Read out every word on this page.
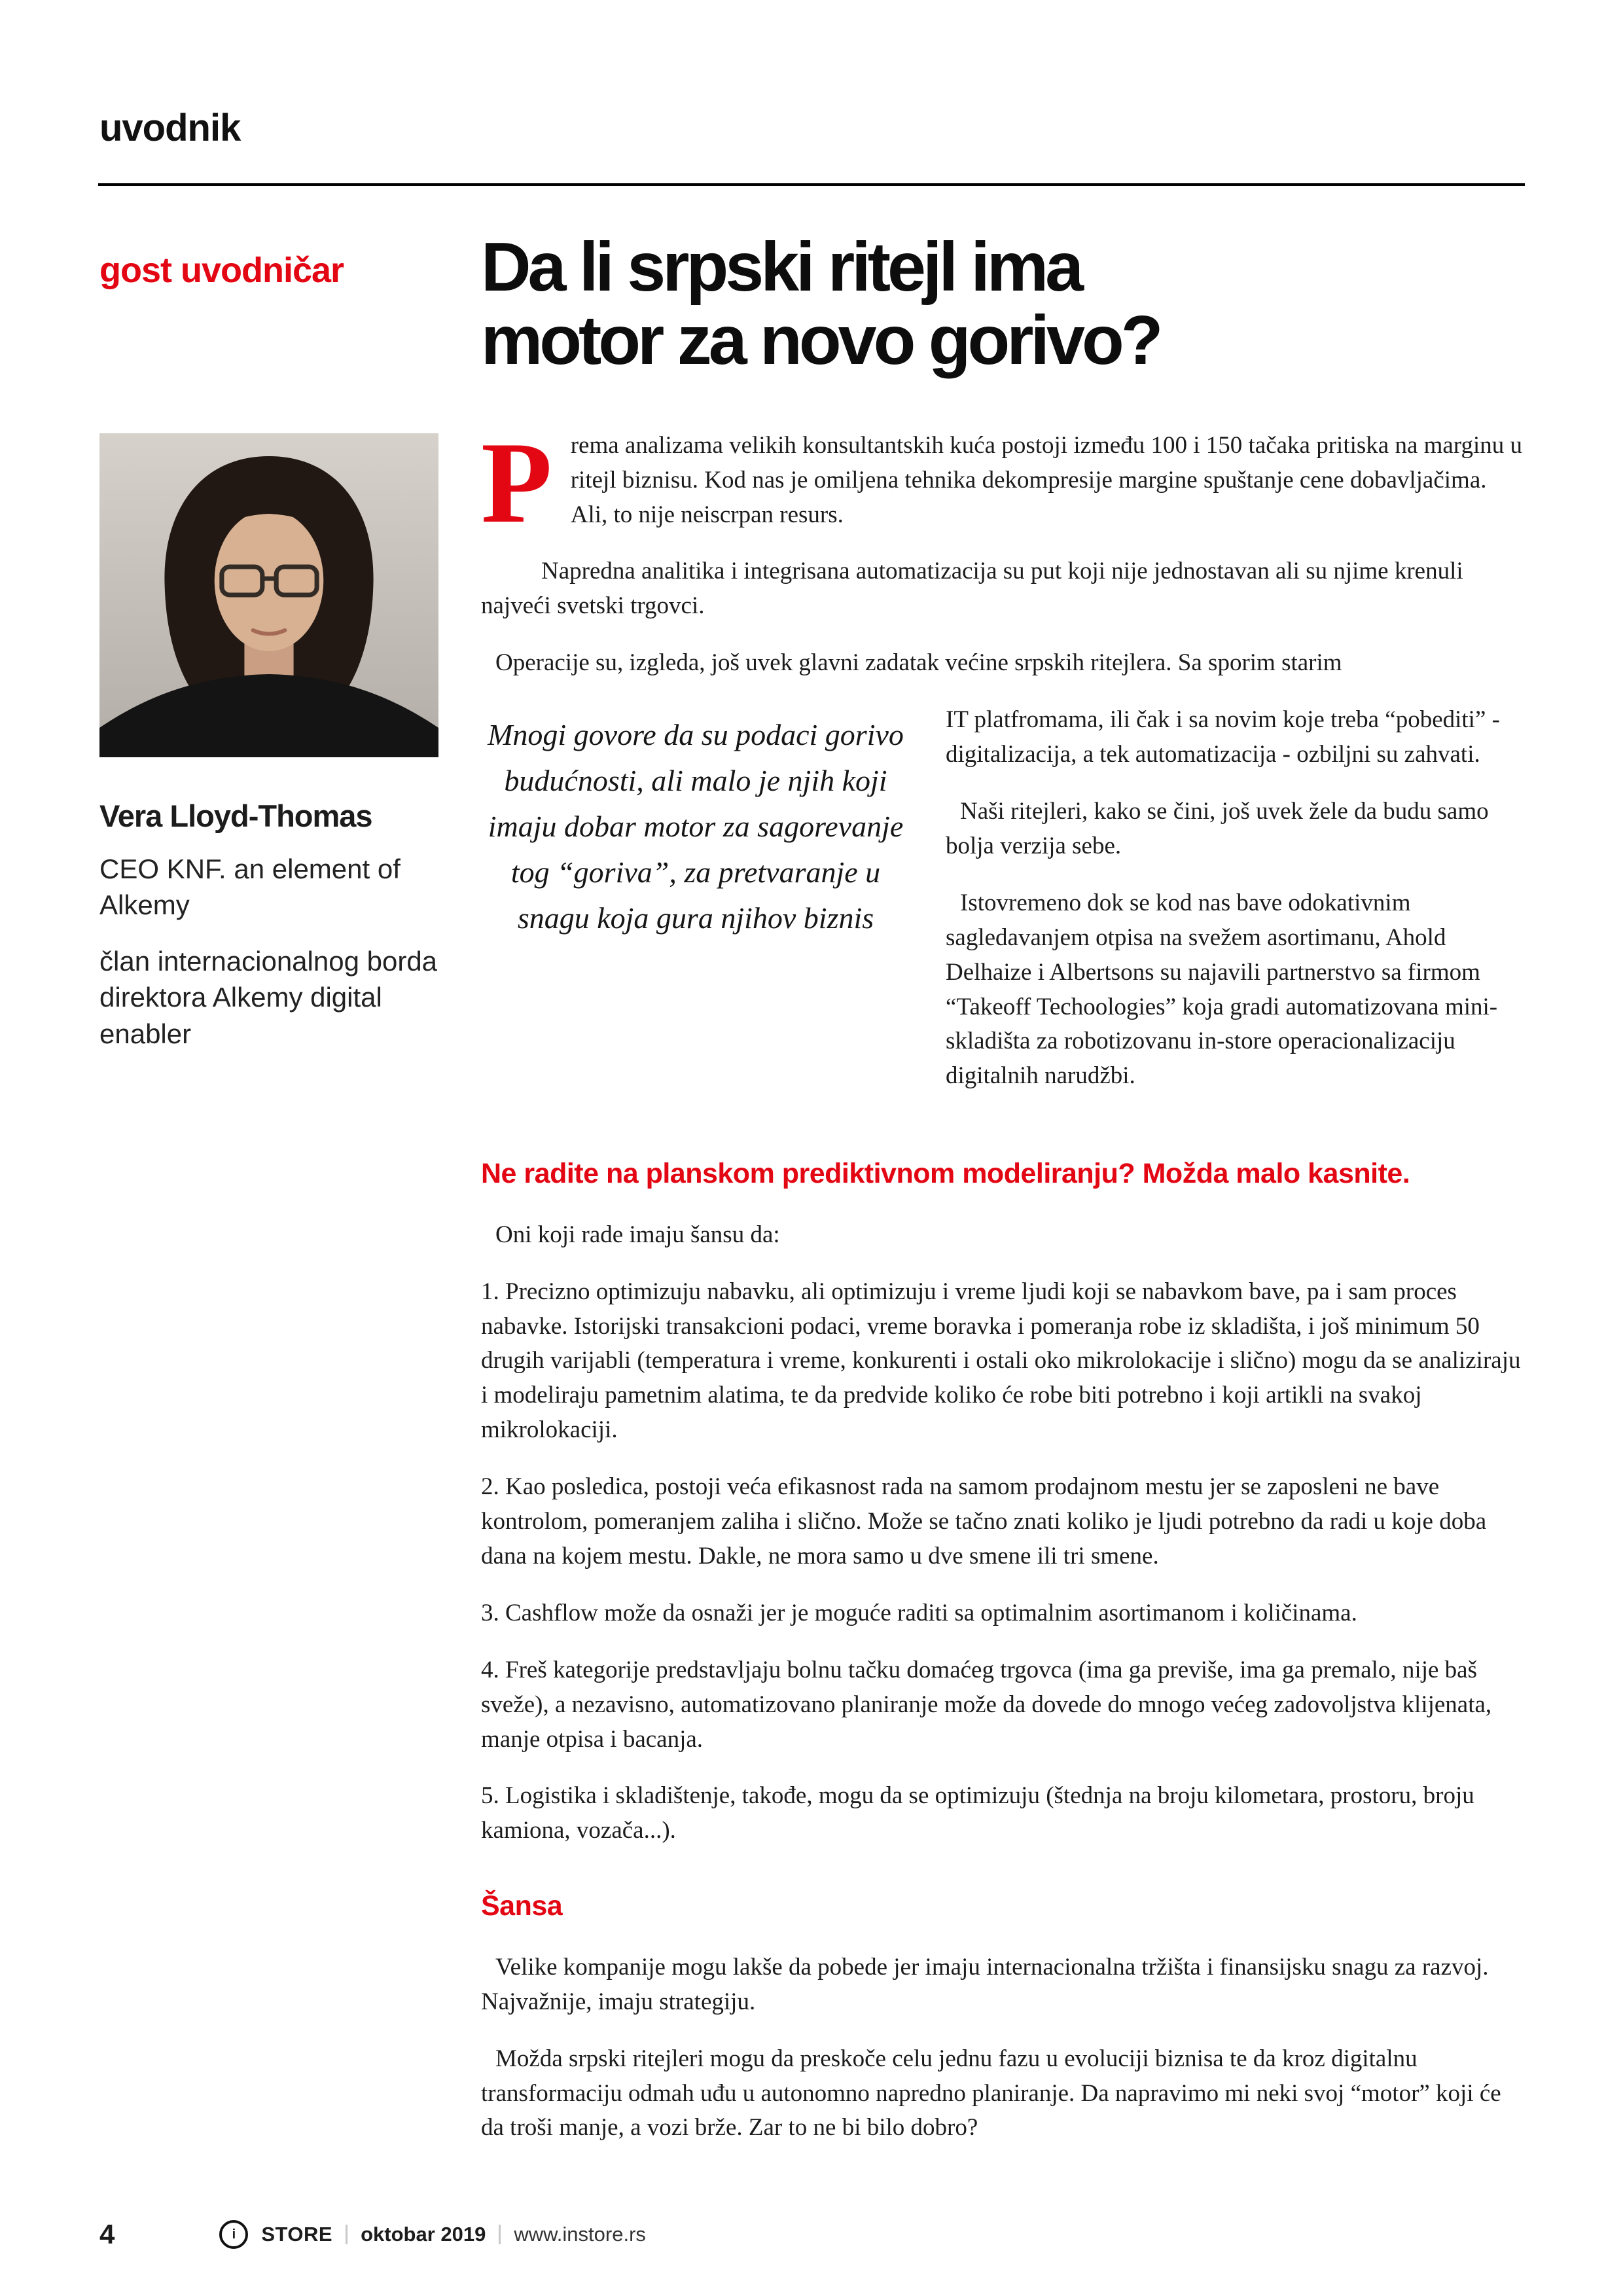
uvodnik
gost uvodničar
Vera Lloyd-Thomas
CEO KNF. an element of Alkemy
član internacionalnog borda direktora Alkemy digital enabler
Da li srpski ritejl ima
motor za novo gorivo?

Prema analizama velikih konsultantskih kuća postoji između 100 i 150 tačaka pritiska na marginu u ritejl biznisu. Kod nas je omiljena tehnika dekompresije margine spuštanje cene dobavljačima. Ali, to nije neiscrpan resurs.

Napredna analitika i integrisana automatizacija su put koji nije jednostavan ali su njime krenuli najveći svetski trgovci.

Operacije su, izgleda, još uvek glavni zadatak većine srpskih ritejlera. Sa sporim starim

Mnogi govore da su podaci gorivo budućnosti, ali malo je njih koji imaju dobar motor za sagorevanje tog “goriva”, za pretvaranje u snagu koja gura njihov biznis

IT platfromama, ili čak i sa novim koje treba “pobediti” - digitalizacija, a tek automatizacija - ozbiljni su zahvati.

Naši ritejleri, kako se čini, još uvek žele da budu samo bolja verzija sebe.

Istovremeno dok se kod nas bave odokativnim sagledavanjem otpisa na svežem asortimanu, Ahold Delhaize i Albertsons su najavili partnerstvo sa firmom “Takeoff Techoologies” koja gradi automatizovana mini-skladišta za robotizovanu in-store operacionalizaciju digitalnih narudžbi.

Ne radite na planskom prediktivnom modeliranju? Možda malo kasnite.

Oni koji rade imaju šansu da:

1. Precizno optimizuju nabavku, ali optimizuju i vreme ljudi koji se nabavkom bave, pa i sam proces nabavke. Istorijski transakcioni podaci, vreme boravka i pomeranja robe iz skladišta, i još minimum 50 drugih varijabli (temperatura i vreme, konkurenti i ostali oko mikrolokacije i slično) mogu da se analiziraju i modeliraju pametnim alatima, te da predvide koliko će robe biti potrebno i koji artikli na svakoj mikrolokaciji.

2. Kao posledica, postoji veća efikasnost rada na samom prodajnom mestu jer se zaposleni ne bave kontrolom, pomeranjem zaliha i slično. Može se tačno znati koliko je ljudi potrebno da radi u koje doba dana na kojem mestu. Dakle, ne mora samo u dve smene ili tri smene.

3. Cashflow može da osnaži jer je moguće raditi sa optimalnim asortimanom i količinama.

4. Freš kategorije predstavljaju bolnu tačku domaćeg trgovca (ima ga previše, ima ga premalo, nije baš sveže), a nezavisno, automatizovano planiranje može da dovede do mnogo većeg zadovoljstva klijenata, manje otpisa i bacanja.

5. Logistika i skladištenje, takođe, mogu da se optimizuju (štednja na broju kilometara, prostoru, broju kamiona, vozača...).

Šansa

Velike kompanije mogu lakše da pobede jer imaju internacionalna tržišta i finansijsku snagu za razvoj. Najvažnije, imaju strategiju.

Možda srpski ritejleri mogu da preskoče celu jednu fazu u evoluciji biznisa te da kroz digitalnu transformaciju odmah uđu u autonomno napredno planiranje. Da napravimo mi neki svoj “motor” koji će da troši manje, a vozi brže. Zar to ne bi bilo dobro?

4	i	STORE oktobar 2019 www.instore.rs
